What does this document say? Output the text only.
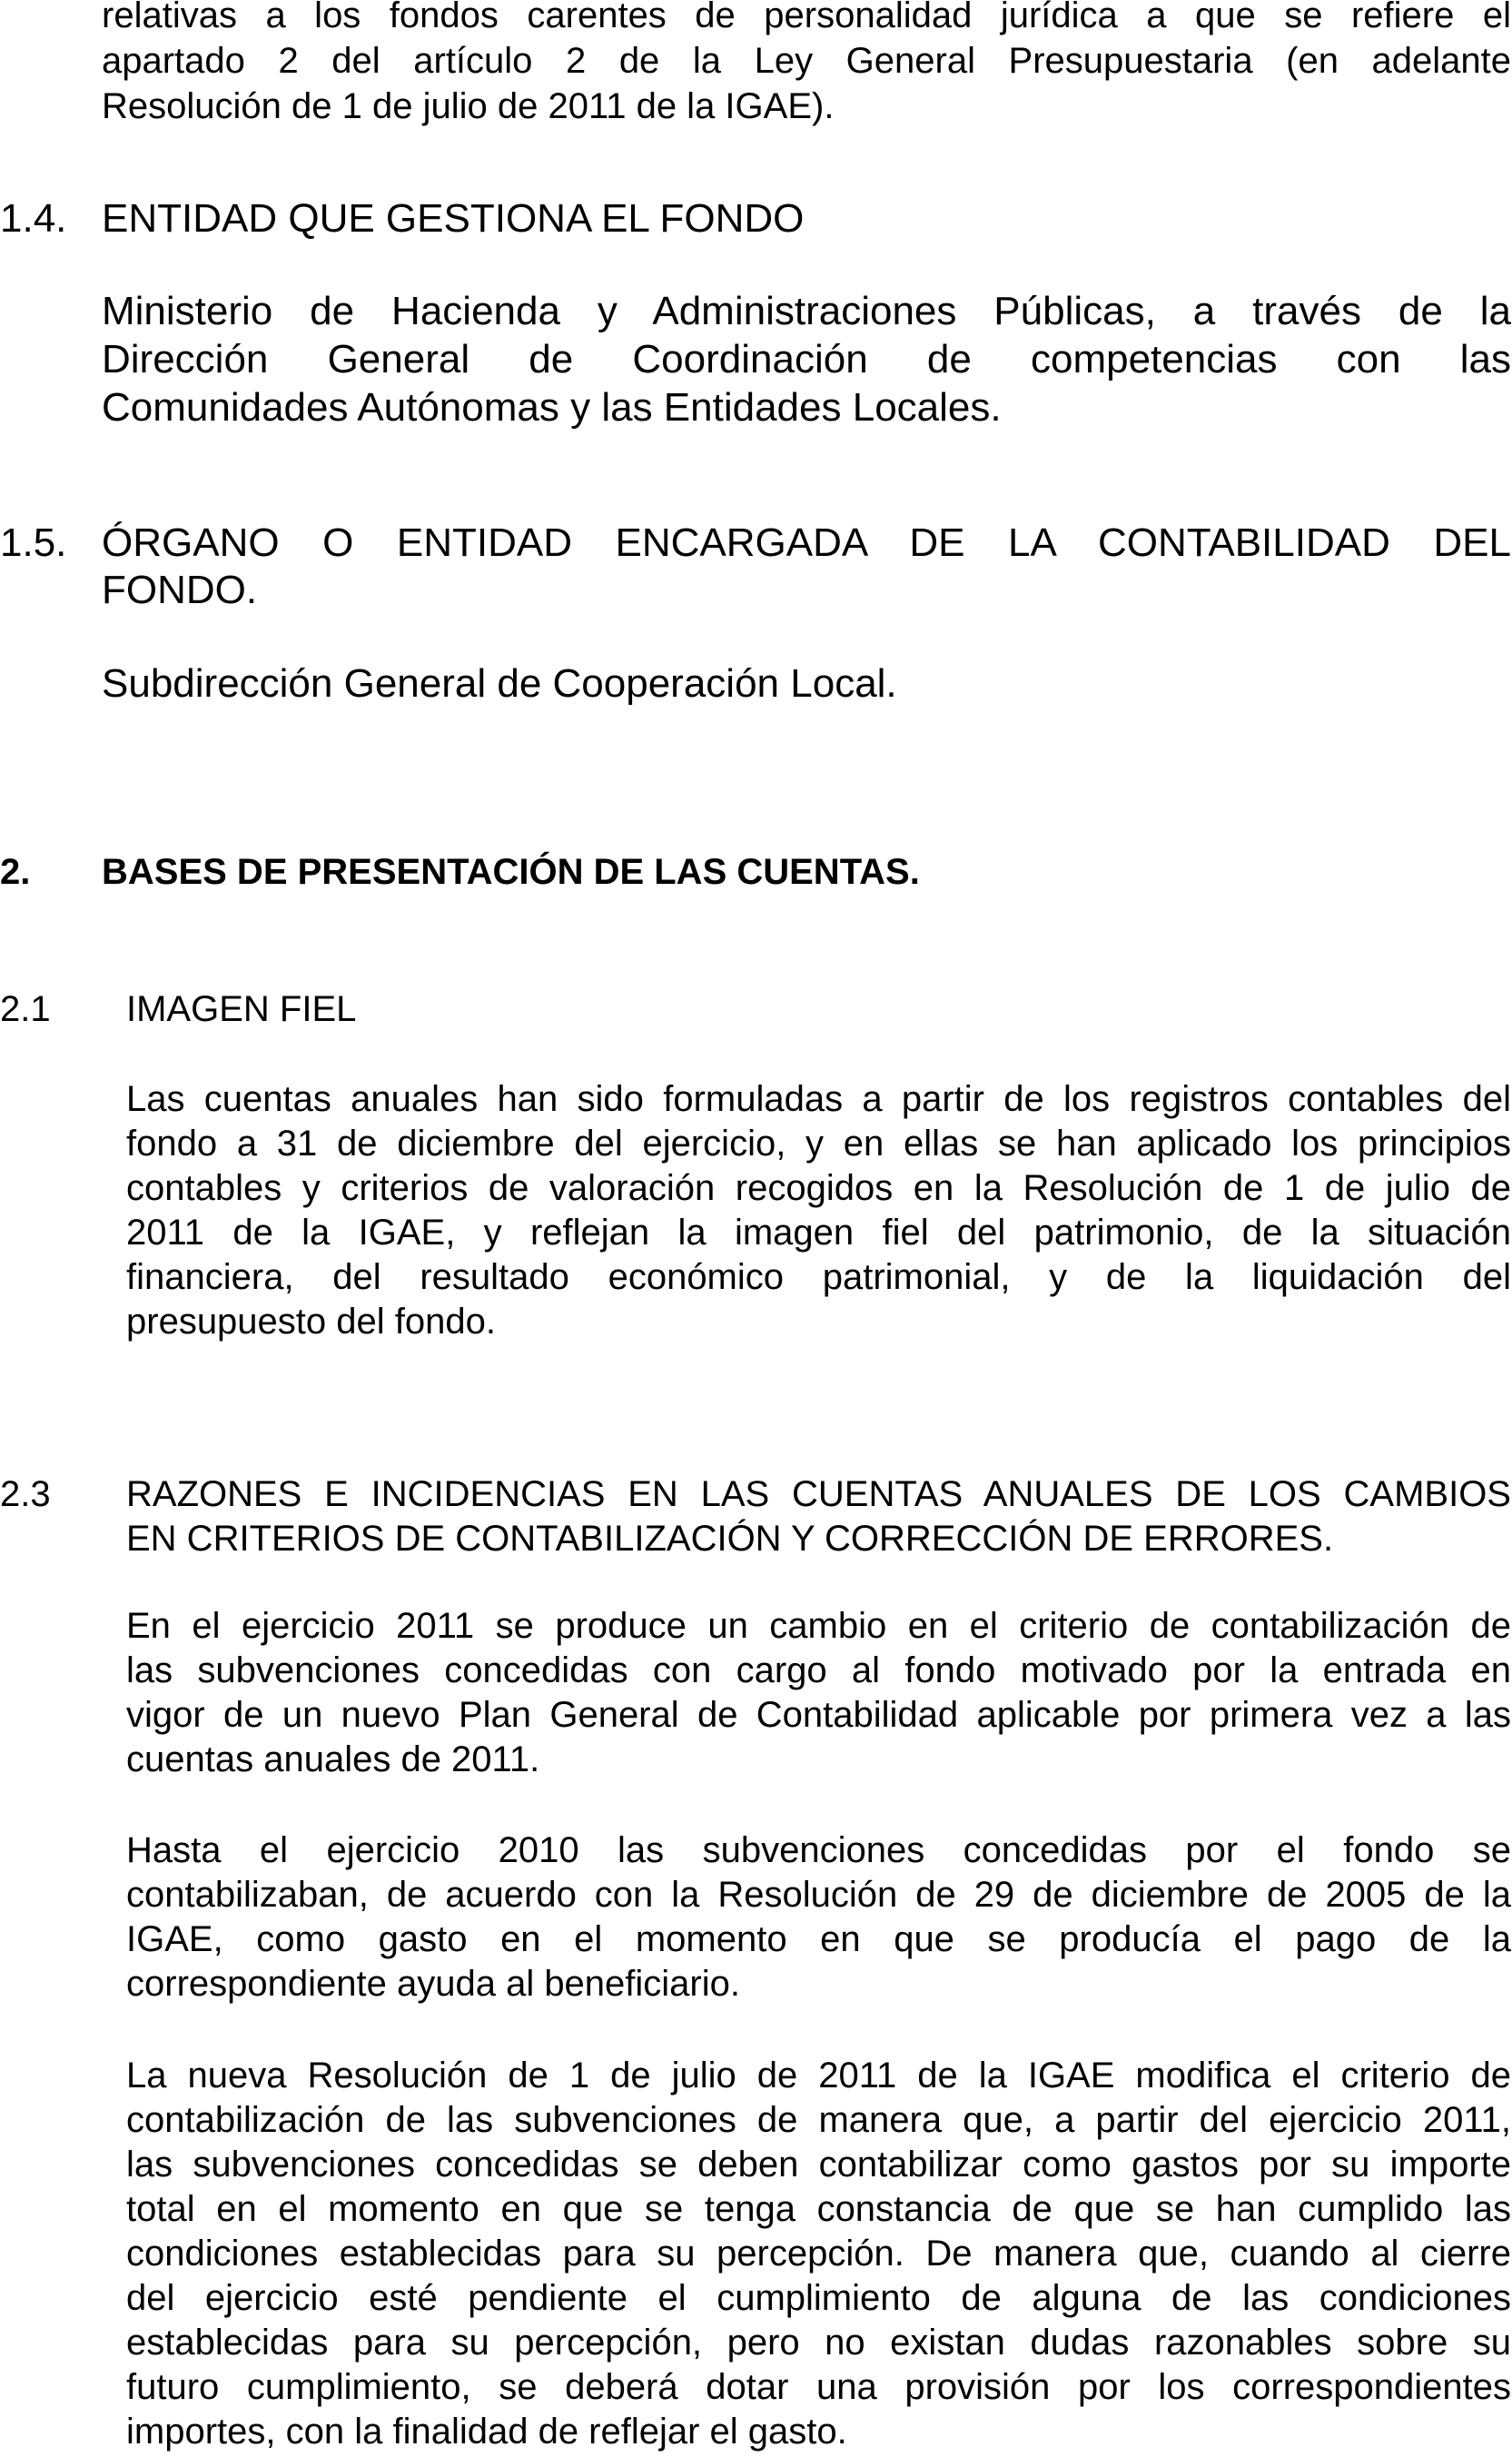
relativas a los fondos carentes de personalidad jurídica a que se refiere el
apartado 2 del artículo 2 de la Ley General Presupuestaria (en adelante
Resolución de 1 de julio de 2011 de la IGAE).
1.4. ENTIDAD QUE GESTIONA EL FONDO
Ministerio de Hacienda y Administraciones Públicas, a través de la
Dirección General de Coordinación de competencias con las
Comunidades Autónomas y las Entidades Locales.
1.5. ÓRGANO O ENTIDAD ENCARGADA DE LA CONTABILIDAD DEL
FONDO.
Subdirección General de Cooperación Local.
2. BASES DE PRESENTACIÓN DE LAS CUENTAS.
2.1 IMAGEN FIEL
Las cuentas anuales han sido formuladas a partir de los registros contables del
fondo a 31 de diciembre del ejercicio, y en ellas se han aplicado los principios
contables y criterios de valoración recogidos en la Resolución de 1 de julio de
2011 de la IGAE, y reflejan la imagen fiel del patrimonio, de la situación
financiera, del resultado económico patrimonial, y de la liquidación del
presupuesto del fondo.
2.3 RAZONES E INCIDENCIAS EN LAS CUENTAS ANUALES DE LOS CAMBIOS
EN CRITERIOS DE CONTABILIZACIÓN Y CORRECCIÓN DE ERRORES.
En el ejercicio 2011 se produce un cambio en el criterio de contabilización de
las subvenciones concedidas con cargo al fondo motivado por la entrada en
vigor de un nuevo Plan General de Contabilidad aplicable por primera vez a las
cuentas anuales de 2011.
Hasta el ejercicio 2010 las subvenciones concedidas por el fondo se
contabilizaban, de acuerdo con la Resolución de 29 de diciembre de 2005 de la
IGAE, como gasto en el momento en que se producía el pago de la
correspondiente ayuda al beneficiario.
La nueva Resolución de 1 de julio de 2011 de la IGAE modifica el criterio de
contabilización de las subvenciones de manera que, a partir del ejercicio 2011,
las subvenciones concedidas se deben contabilizar como gastos por su importe
total en el momento en que se tenga constancia de que se han cumplido las
condiciones establecidas para su percepción. De manera que, cuando al cierre
del ejercicio esté pendiente el cumplimiento de alguna de las condiciones
establecidas para su percepción, pero no existan dudas razonables sobre su
futuro cumplimiento, se deberá dotar una provisión por los correspondientes
importes, con la finalidad de reflejar el gasto.
